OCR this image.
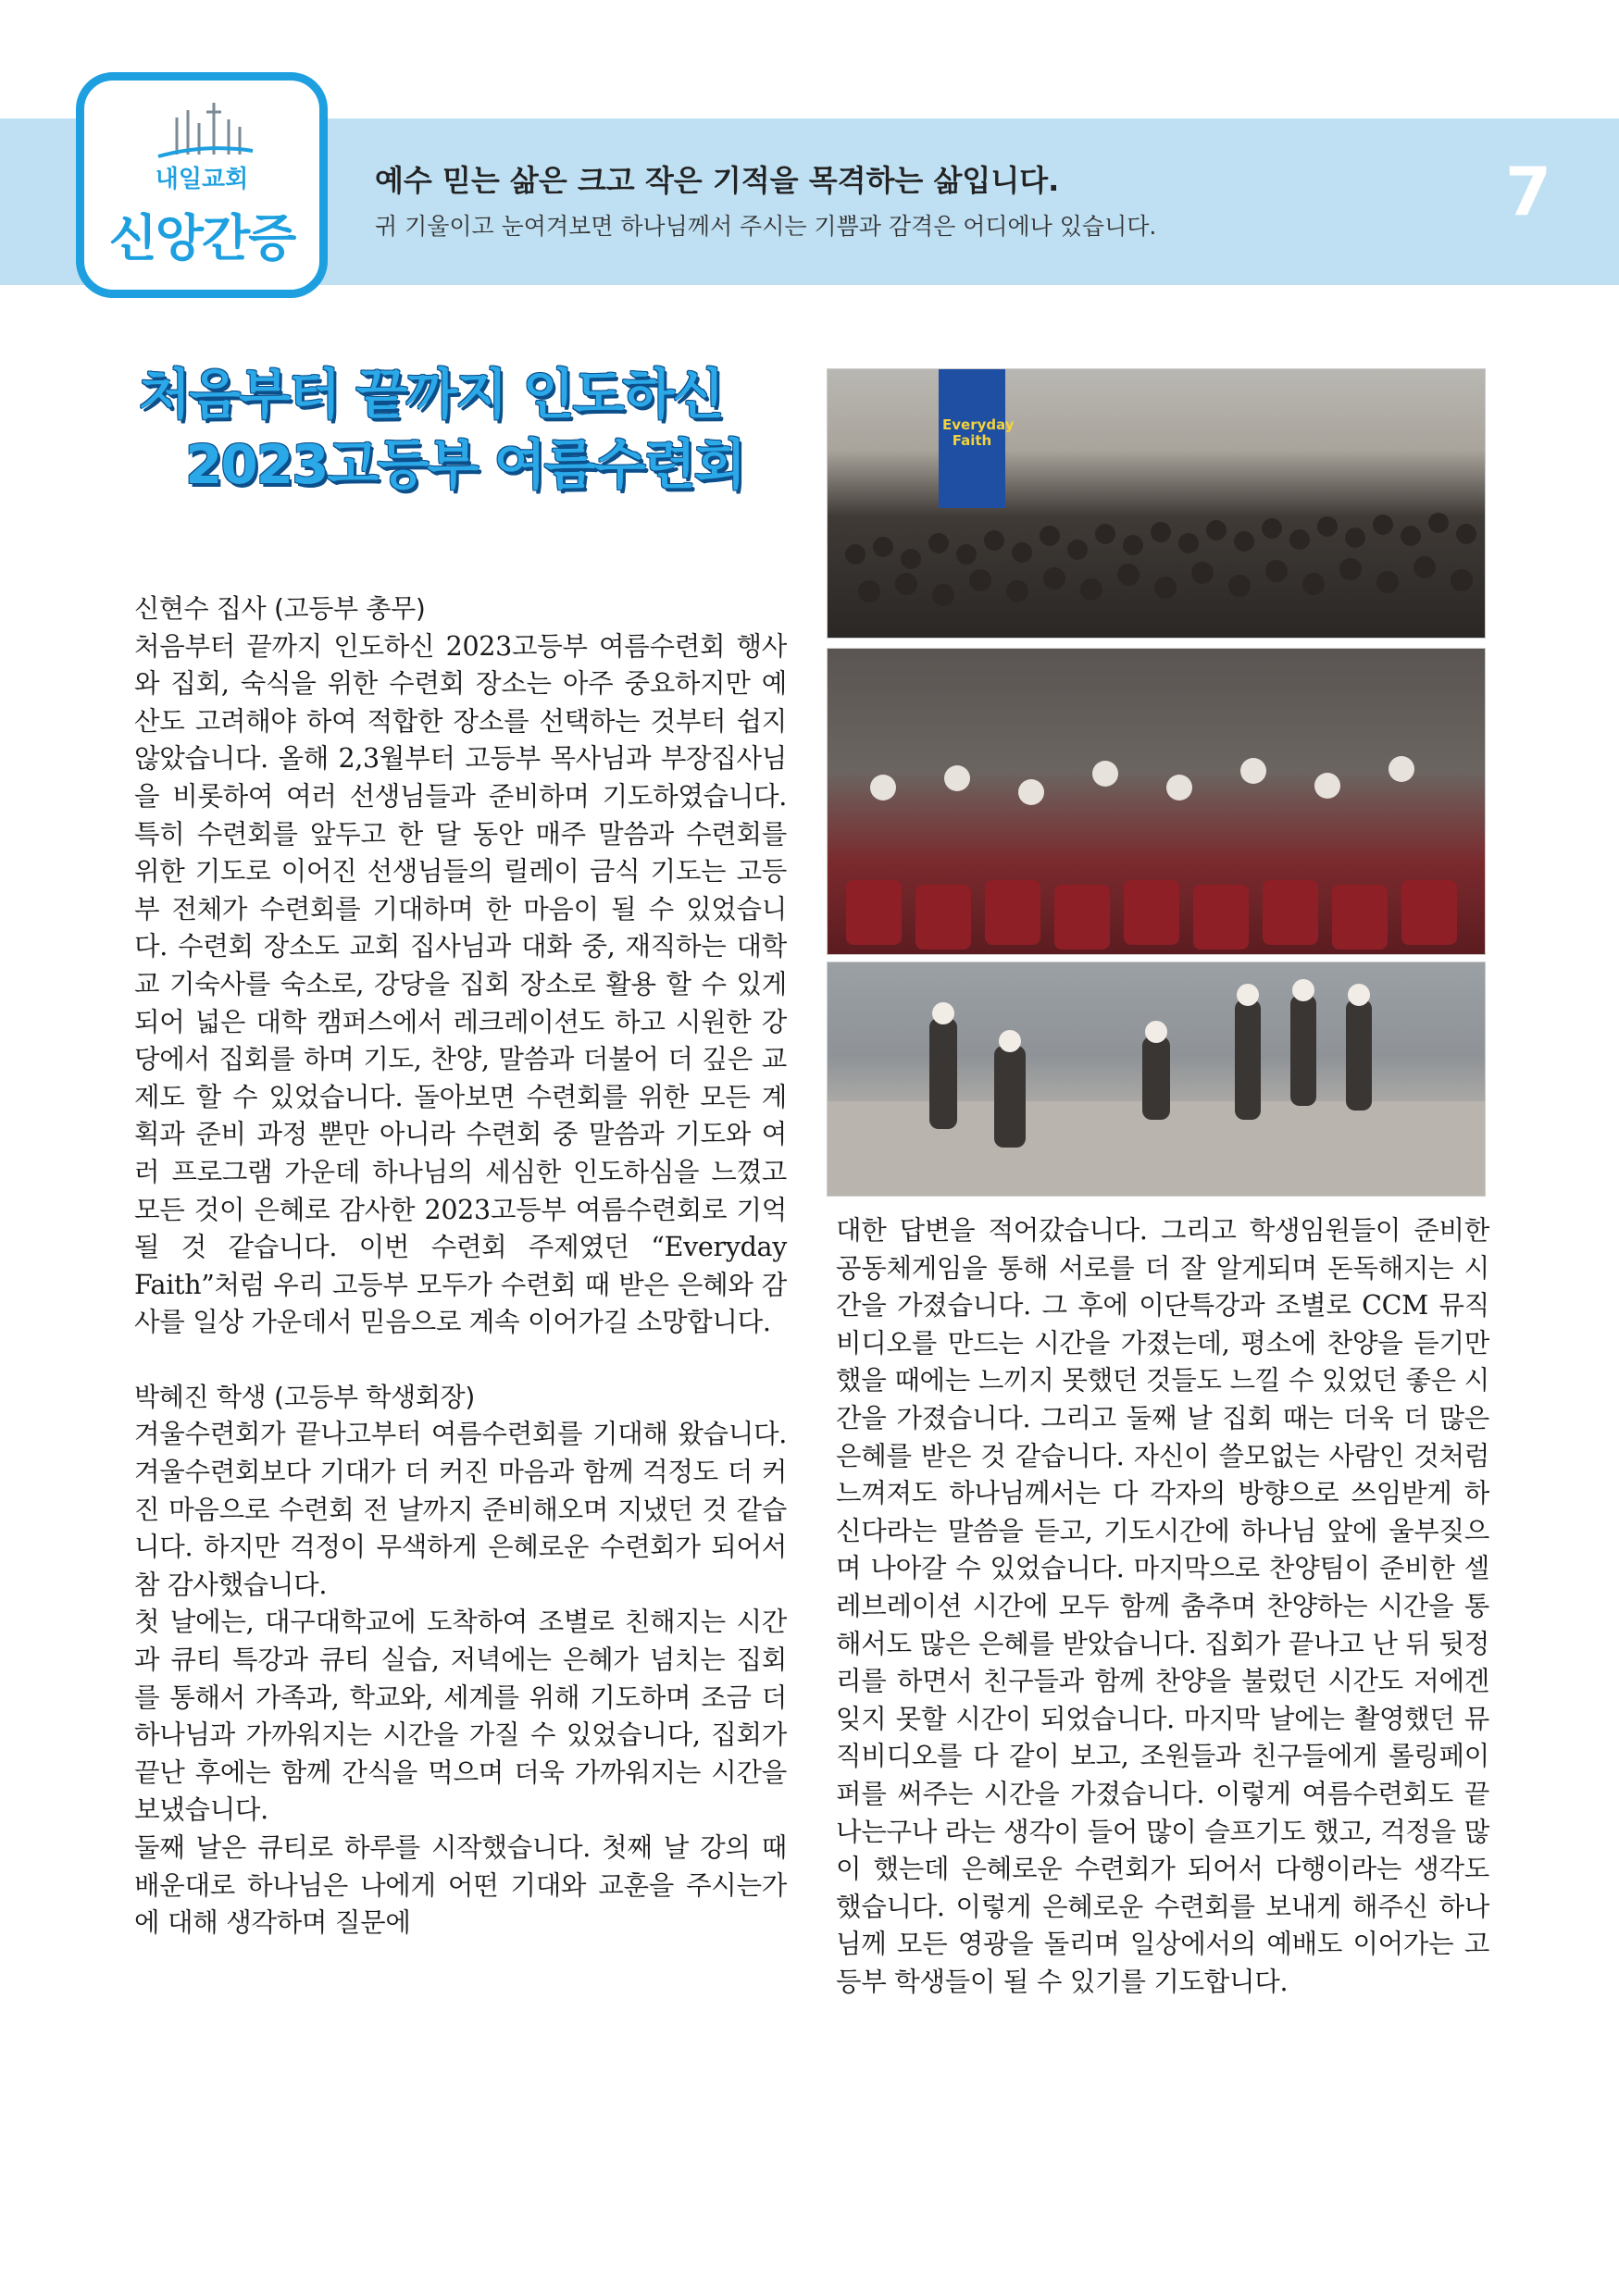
내일교회
신앙간증
예수 믿는 삶은 크고 작은 기적을 목격하는 삶입니다.
귀 기울이고 눈여겨보면 하나님께서 주시는 기쁨과 감격은 어디에나 있습니다.	7
처음부터 끝까지 인도하신
2023고등부 여름수련회
Everyday
Faith

신현수 집사 (고등부 총무)

처음부터 끝까지 인도하신 2023고등부 여름수련회 행사와 집회, 숙식을 위한 수련회 장소는 아주 중요하지만 예산도 고려해야 하여 적합한 장소를 선택하는 것부터 쉽지 않았습니다. 올해 2,3월부터 고등부 목사님과 부장집사님을 비롯하여 여러 선생님들과 준비하며 기도하였습니다. 특히 수련회를 앞두고 한 달 동안 매주 말씀과 수련회를 위한 기도로 이어진 선생님들의 릴레이 금식 기도는 고등부 전체가 수련회를 기대하며 한 마음이 될 수 있었습니다. 수련회 장소도 교회 집사님과 대화 중, 재직하는 대학교 기숙사를 숙소로, 강당을 집회 장소로 활용 할 수 있게 되어 넓은 대학 캠퍼스에서 레크레이션도 하고 시원한 강당에서 집회를 하며 기도, 찬양, 말씀과 더불어 더 깊은 교제도 할 수 있었습니다. 돌아보면 수련회를 위한 모든 계획과 준비 과정 뿐만 아니라 수련회 중 말씀과 기도와 여러 프로그램 가운데 하나님의 세심한 인도하심을 느꼈고 모든 것이 은혜로 감사한 2023고등부 여름수련회로 기억될 것 같습니다. 이번 수련회 주제였던 “Everyday Faith”처럼 우리 고등부 모두가 수련회 때 받은 은혜와 감사를 일상 가운데서 믿음으로 계속 이어가길 소망합니다.

박혜진 학생 (고등부 학생회장)

겨울수련회가 끝나고부터 여름수련회를 기대해 왔습니다. 겨울수련회보다 기대가 더 커진 마음과 함께 걱정도 더 커진 마음으로 수련회 전 날까지 준비해오며 지냈던 것 같습니다. 하지만 걱정이 무색하게 은혜로운 수련회가 되어서 참 감사했습니다.

첫 날에는, 대구대학교에 도착하여 조별로 친해지는 시간과 큐티 특강과 큐티 실습, 저녁에는 은혜가 넘치는 집회를 통해서 가족과, 학교와, 세계를 위해 기도하며 조금 더 하나님과 가까워지는 시간을 가질 수 있었습니다, 집회가 끝난 후에는 함께 간식을 먹으며 더욱 가까워지는 시간을 보냈습니다.

둘째 날은 큐티로 하루를 시작했습니다. 첫째 날 강의 때 배운대로 하나님은 나에게 어떤 기대와 교훈을 주시는가에 대해 생각하며 질문에

대한 답변을 적어갔습니다. 그리고 학생임원들이 준비한 공동체게임을 통해 서로를 더 잘 알게되며 돈독해지는 시간을 가졌습니다. 그 후에 이단특강과 조별로 CCM 뮤직비디오를 만드는 시간을 가졌는데, 평소에 찬양을 듣기만 했을 때에는 느끼지 못했던 것들도 느낄 수 있었던 좋은 시간을 가졌습니다. 그리고 둘째 날 집회 때는 더욱 더 많은 은혜를 받은 것 같습니다. 자신이 쓸모없는 사람인 것처럼 느껴져도 하나님께서는 다 각자의 방향으로 쓰임받게 하신다라는 말씀을 듣고, 기도시간에 하나님 앞에 울부짖으며 나아갈 수 있었습니다. 마지막으로 찬양팀이 준비한 셀레브레이션 시간에 모두 함께 춤추며 찬양하는 시간을 통해서도 많은 은혜를 받았습니다. 집회가 끝나고 난 뒤 뒷정리를 하면서 친구들과 함께 찬양을 불렀던 시간도 저에겐 잊지 못할 시간이 되었습니다. 마지막 날에는 촬영했던 뮤직비디오를 다 같이 보고, 조원들과 친구들에게 롤링페이퍼를 써주는 시간을 가졌습니다. 이렇게 여름수련회도 끝나는구나 라는 생각이 들어 많이 슬프기도 했고, 걱정을 많이 했는데 은혜로운 수련회가 되어서 다행이라는 생각도 했습니다. 이렇게 은혜로운 수련회를 보내게 해주신 하나님께 모든 영광을 돌리며 일상에서의 예배도 이어가는 고등부 학생들이 될 수 있기를 기도합니다.
